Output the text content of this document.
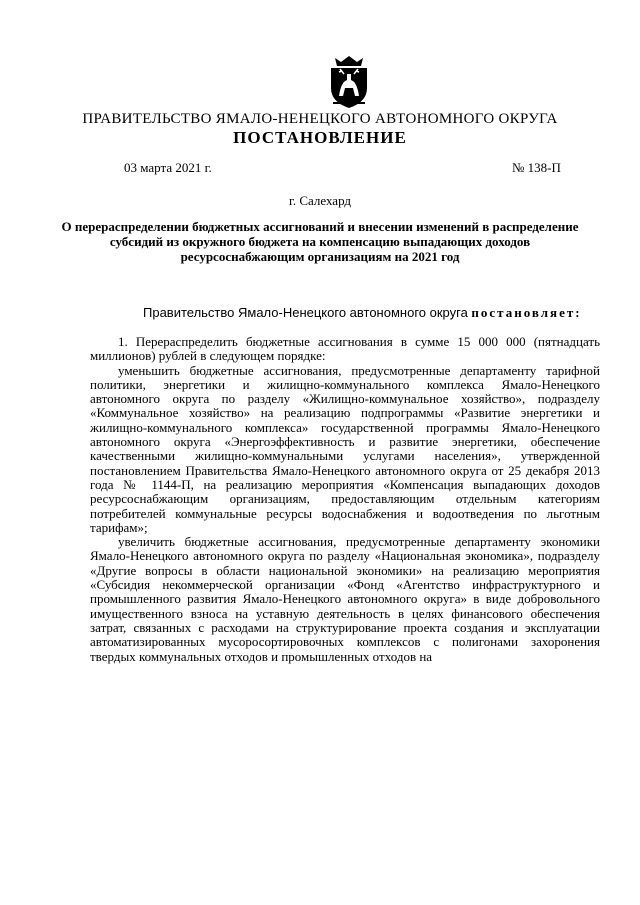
ПРАВИТЕЛЬСТВО ЯМАЛО-НЕНЕЦКОГО АВТОНОМНОГО ОКРУГА
ПОСТАНОВЛЕНИЕ
03 марта 2021 г.	№ 138-П
г. Салехард
О перераспределении бюджетных ассигнований и внесении изменений в распределение субсидий из окружного бюджета на компенсацию выпадающих доходов ресурсоснабжающим организациям на 2021 год
Правительство Ямало-Ненецкого автономного округа постановляет:

1. Перераспределить бюджетные ассигнования в сумме 15 000 000 (пятнадцать миллионов) рублей в следующем порядке:

уменьшить бюджетные ассигнования, предусмотренные департаменту тарифной политики, энергетики и жилищно-коммунального комплекса Ямало-Ненецкого автономного округа по разделу «Жилищно-коммунальное хозяйство», подразделу «Коммунальное хозяйство» на реализацию подпрограммы «Развитие энергетики и жилищно-коммунального комплекса» государственной программы Ямало-Ненецкого автономного округа «Энергоэффективность и развитие энергетики, обеспечение качественными жилищно-коммунальными услугами населения», утвержденной постановлением Правительства Ямало-Ненецкого автономного округа от 25 декабря 2013 года № 1144-П, на реализацию мероприятия «Компенсация выпадающих доходов ресурсоснабжающим организациям, предоставляющим отдельным категориям потребителей коммунальные ресурсы водоснабжения и водоотведения по льготным тарифам»;

увеличить бюджетные ассигнования, предусмотренные департаменту экономики Ямало-Ненецкого автономного округа по разделу «Национальная экономика», подразделу «Другие вопросы в области национальной экономики» на реализацию мероприятия «Субсидия некоммерческой организации «Фонд «Агентство инфраструктурного и промышленного развития Ямало-Ненецкого автономного округа» в виде добровольного имущественного взноса на уставную деятельность в целях финансового обеспечения затрат, связанных с расходами на структурирование проекта создания и эксплуатации автоматизированных мусоросортировочных комплексов с полигонами захоронения твердых коммунальных отходов и промышленных отходов на
